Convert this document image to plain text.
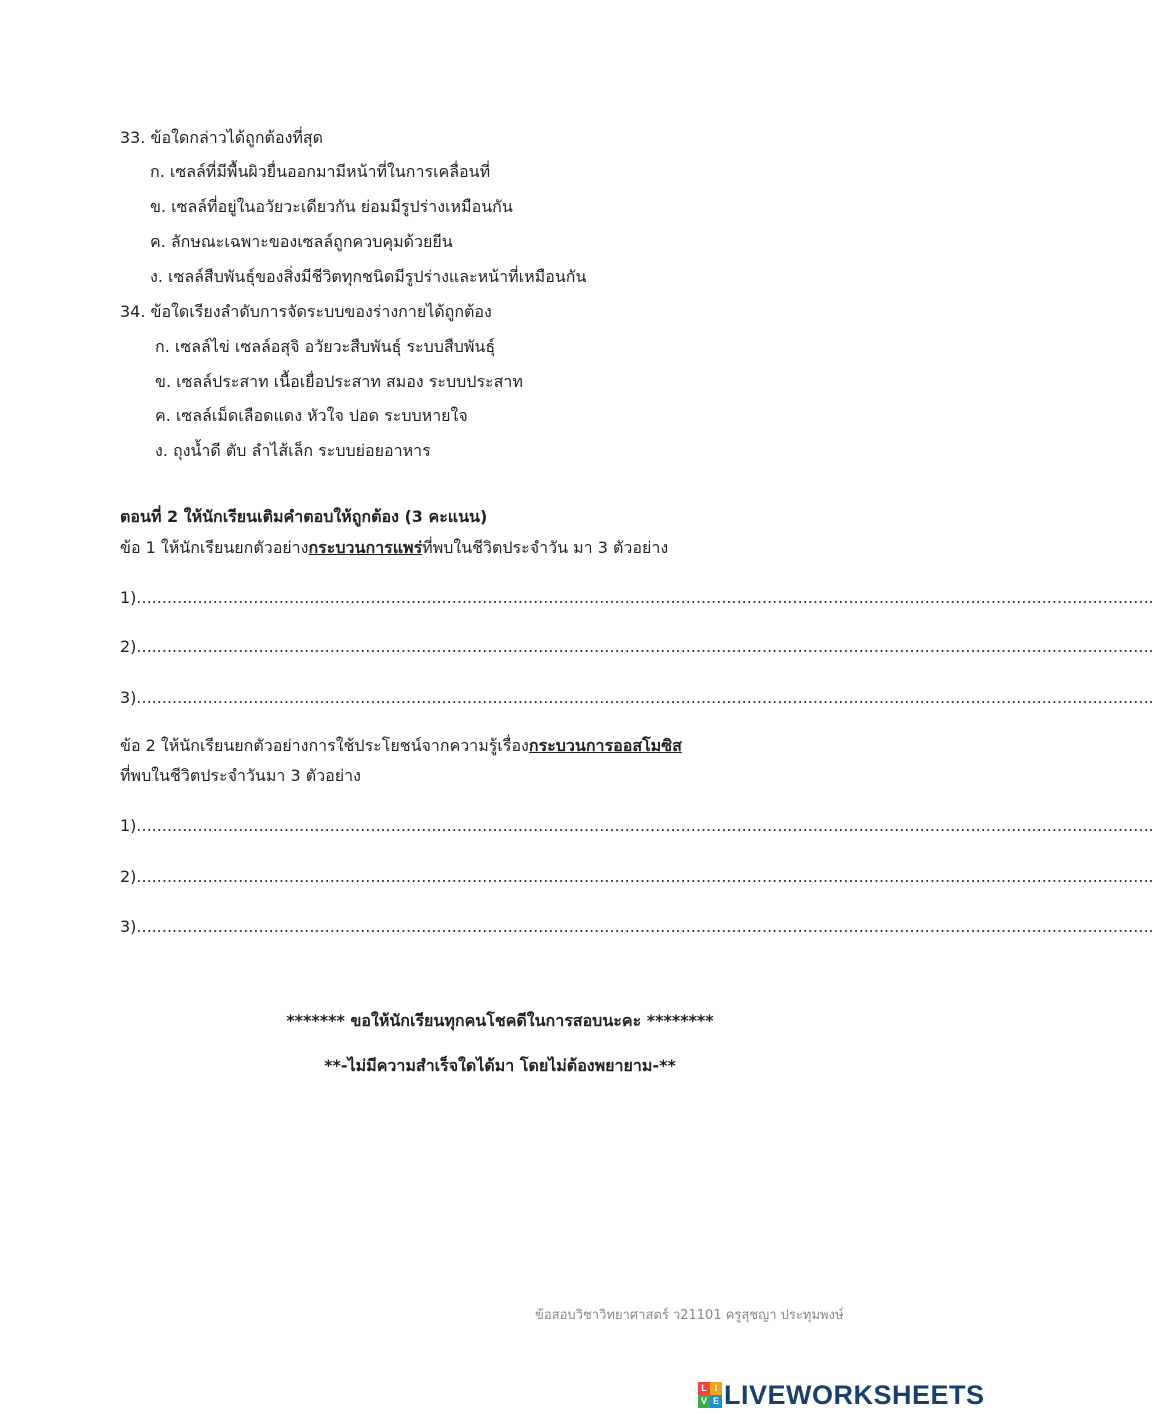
33. ข้อใดกล่าวได้ถูกต้องที่สุด
ก. เซลล์ที่มีพื้นผิวยื่นออกมามีหน้าที่ในการเคลื่อนที่
ข. เซลล์ที่อยู่ในอวัยวะเดียวกัน ย่อมมีรูปร่างเหมือนกัน
ค. ลักษณะเฉพาะของเซลล์ถูกควบคุมด้วยยีน
ง. เซลล์สืบพันธุ์ของสิ่งมีชีวิตทุกชนิดมีรูปร่างและหน้าที่เหมือนกัน
34. ข้อใดเรียงลำดับการจัดระบบของร่างกายได้ถูกต้อง
ก. เซลล์ไข่ เซลล์อสุจิ อวัยวะสืบพันธุ์ ระบบสืบพันธุ์
ข. เซลล์ประสาท เนื้อเยื่อประสาท สมอง ระบบประสาท
ค. เซลล์เม็ดเลือดแดง หัวใจ ปอด ระบบหายใจ
ง. ถุงน้ำดี ตับ ลำไส้เล็ก ระบบย่อยอาหาร
ตอนที่ 2 ให้นักเรียนเติมคำตอบให้ถูกต้อง (3 คะแนน)
ข้อ 1 ให้นักเรียนยกตัวอย่างกระบวนการแพร่ที่พบในชีวิตประจำวัน มา 3 ตัวอย่าง
1)........................................................................................................................................................................................................
2)........................................................................................................................................................................................................
3)........................................................................................................................................................................................................
ข้อ 2 ให้นักเรียนยกตัวอย่างการใช้ประโยชน์จากความรู้เรื่องกระบวนการออสโมซิส
ที่พบในชีวิตประจำวันมา 3 ตัวอย่าง
1)........................................................................................................................................................................................................
2)........................................................................................................................................................................................................
3)........................................................................................................................................................................................................
******* ขอให้นักเรียนทุกคนโชคดีในการสอบนะคะ ********
**-ไม่มีความสำเร็จใดได้มา โดยไม่ต้องพยายาม-**
ข้อสอบวิชาวิทยาศาสตร์ ว21101 ครูสุชญา ประทุมพงษ์
L I
V E LIVEWORKSHEETS
